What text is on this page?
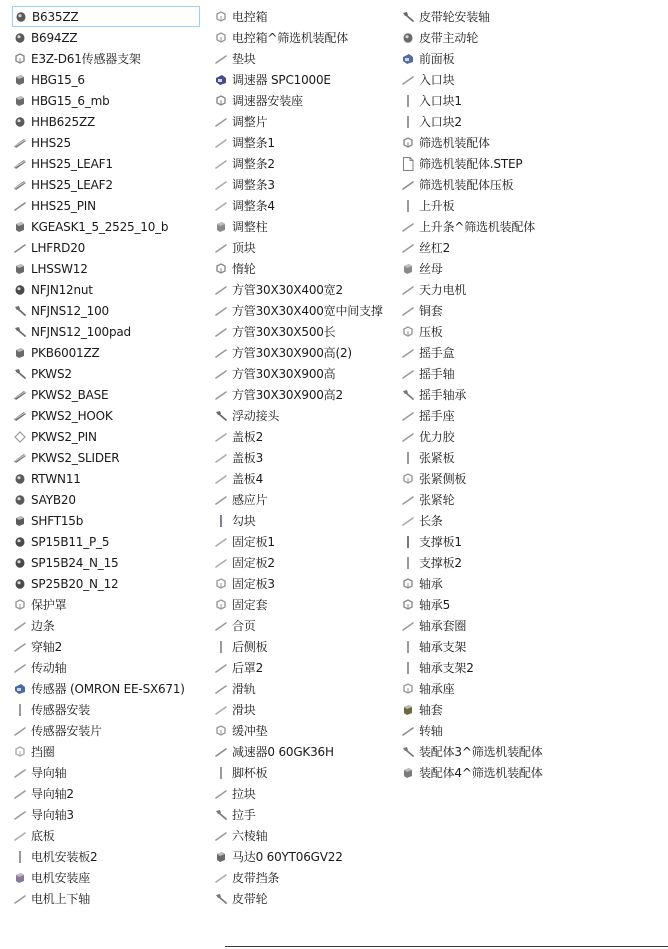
B635ZZ
B694ZZ
E3Z-D61传感器支架
HBG15_6
HBG15_6_mb
HHB625ZZ
HHS25
HHS25_LEAF1
HHS25_LEAF2
HHS25_PIN
KGEASK1_5_2525_10_b
LHFRD20
LHSSW12
NFJN12nut
NFJNS12_100
NFJNS12_100pad
PKB6001ZZ
PKWS2
PKWS2_BASE
PKWS2_HOOK
PKWS2_PIN
PKWS2_SLIDER
RTWN11
SAYB20
SHFT15b
SP15B11_P_5
SP15B24_N_15
SP25B20_N_12
保护罩
边条
穿轴2
传动轴
传感器 (OMRON EE-SX671)
传感器安装
传感器安装片
挡圈
导向轴
导向轴2
导向轴3
底板
电机安装板2
电机安装座
电机上下轴
电控箱
电控箱^筛选机装配体
垫块
调速器 SPC1000E
调速器安装座
调整片
调整条1
调整条2
调整条3
调整条4
调整柱
顶块
惰轮
方管30X30X400宽2
方管30X30X400宽中间支撑
方管30X30X500长
方管30X30X900高(2)
方管30X30X900高
方管30X30X900高2
浮动接头
盖板2
盖板3
盖板4
感应片
勾块
固定板1
固定板2
固定板3
固定套
合页
后侧板
后罩2
滑轨
滑块
缓冲垫
减速器0 60GK36H
脚杯板
拉块
拉手
六棱轴
马达0 60YT06GV22
皮带挡条
皮带轮
皮带轮安装轴
皮带主动轮
前面板
入口块
入口块1
入口块2
筛选机装配体
筛选机装配体.STEP
筛选机装配体压板
上升板
上升条^筛选机装配体
丝杠2
丝母
天力电机
铜套
压板
摇手盒
摇手轴
摇手轴承
摇手座
优力胶
张紧板
张紧侧板
张紧轮
长条
支撑板1
支撑板2
轴承
轴承5
轴承套圈
轴承支架
轴承支架2
轴承座
轴套
转轴
装配体3^筛选机装配体
装配体4^筛选机装配体
